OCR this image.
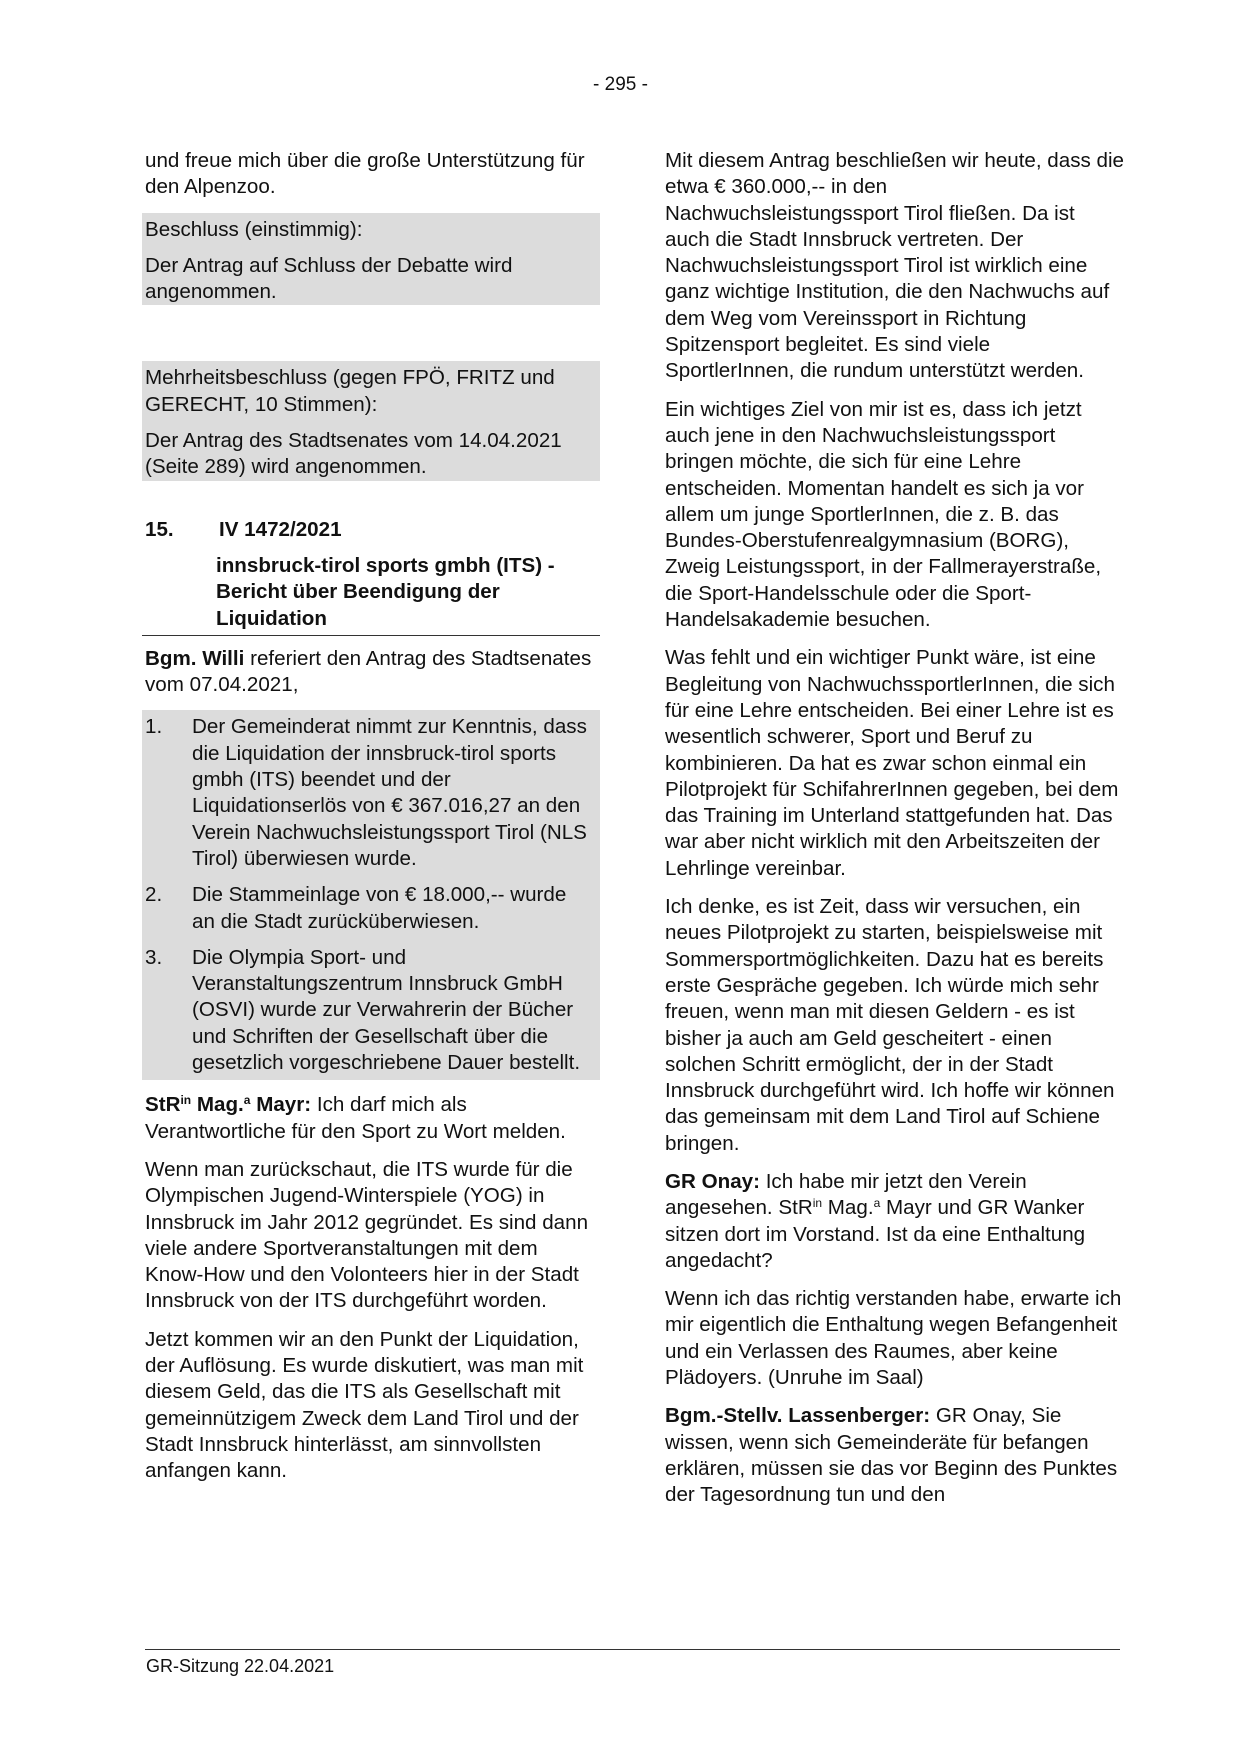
- 295 -

und freue mich über die große Unterstützung für den Alpenzoo.

Beschluss (einstimmig):

Der Antrag auf Schluss der Debatte wird angenommen.

Mehrheitsbeschluss (gegen FPÖ, FRITZ und GERECHT, 10 Stimmen):

Der Antrag des Stadtsenates vom 14.04.2021 (Seite 289) wird angenommen.

15.	IV 1472/2021
innsbruck-tirol sports gmbh (ITS) - Bericht über Beendigung der Liquidation

Bgm. Willi referiert den Antrag des Stadtsenates vom 07.04.2021,

1.	Der Gemeinderat nimmt zur Kenntnis, dass die Liquidation der innsbruck-tirol sports gmbh (ITS) beendet und der Liquidationserlös von € 367.016,27 an den Verein Nachwuchsleistungssport Tirol (NLS Tirol) überwiesen wurde.
2.	Die Stammeinlage von € 18.000,-- wurde an die Stadt zurücküberwiesen.
3.	Die Olympia Sport- und Veranstaltungszentrum Innsbruck GmbH (OSVI) wurde zur Verwahrerin der Bücher und Schriften der Gesellschaft über die gesetzlich vorgeschriebene Dauer bestellt.

StR$^{in}$ Mag.$^a$ Mayr: Ich darf mich als Verantwortliche für den Sport zu Wort melden.

Wenn man zurückschaut, die ITS wurde für die Olympischen Jugend-Winterspiele (YOG) in Innsbruck im Jahr 2012 gegründet. Es sind dann viele andere Sportveranstaltungen mit dem Know-How und den Volonteers hier in der Stadt Innsbruck von der ITS durchgeführt worden.

Jetzt kommen wir an den Punkt der Liquidation, der Auflösung. Es wurde diskutiert, was man mit diesem Geld, das die ITS als Gesellschaft mit gemeinnützigem Zweck dem Land Tirol und der Stadt Innsbruck hinterlässt, am sinnvollsten anfangen kann.

Mit diesem Antrag beschließen wir heute, dass die etwa € 360.000,-- in den Nachwuchsleistungssport Tirol fließen. Da ist auch die Stadt Innsbruck vertreten. Der Nachwuchsleistungssport Tirol ist wirklich eine ganz wichtige Institution, die den Nachwuchs auf dem Weg vom Vereinssport in Richtung Spitzensport begleitet. Es sind viele SportlerInnen, die rundum unterstützt werden.

Ein wichtiges Ziel von mir ist es, dass ich jetzt auch jene in den Nachwuchsleistungssport bringen möchte, die sich für eine Lehre entscheiden. Momentan handelt es sich ja vor allem um junge SportlerInnen, die z. B. das Bundes-Oberstufenrealgymnasium (BORG), Zweig Leistungssport, in der Fallmerayerstraße, die Sport-Handelsschule oder die Sport-Handelsakademie besuchen.

Was fehlt und ein wichtiger Punkt wäre, ist eine Begleitung von NachwuchssportlerInnen, die sich für eine Lehre entscheiden. Bei einer Lehre ist es wesentlich schwerer, Sport und Beruf zu kombinieren. Da hat es zwar schon einmal ein Pilotprojekt für SchifahrerInnen gegeben, bei dem das Training im Unterland stattgefunden hat. Das war aber nicht wirklich mit den Arbeitszeiten der Lehrlinge vereinbar.

Ich denke, es ist Zeit, dass wir versuchen, ein neues Pilotprojekt zu starten, beispielsweise mit Sommersportmöglichkeiten. Dazu hat es bereits erste Gespräche gegeben. Ich würde mich sehr freuen, wenn man mit diesen Geldern - es ist bisher ja auch am Geld gescheitert - einen solchen Schritt ermöglicht, der in der Stadt Innsbruck durchgeführt wird. Ich hoffe wir können das gemeinsam mit dem Land Tirol auf Schiene bringen.

GR Onay: Ich habe mir jetzt den Verein angesehen. StR$^{in}$ Mag.$^a$ Mayr und GR Wanker sitzen dort im Vorstand. Ist da eine Enthaltung angedacht?

Wenn ich das richtig verstanden habe, erwarte ich mir eigentlich die Enthaltung wegen Befangenheit und ein Verlassen des Raumes, aber keine Plädoyers. (Unruhe im Saal)

Bgm.-Stellv. Lassenberger: GR Onay, Sie wissen, wenn sich Gemeinderäte für befangen erklären, müssen sie das vor Beginn des Punktes der Tagesordnung tun und den

GR-Sitzung 22.04.2021
